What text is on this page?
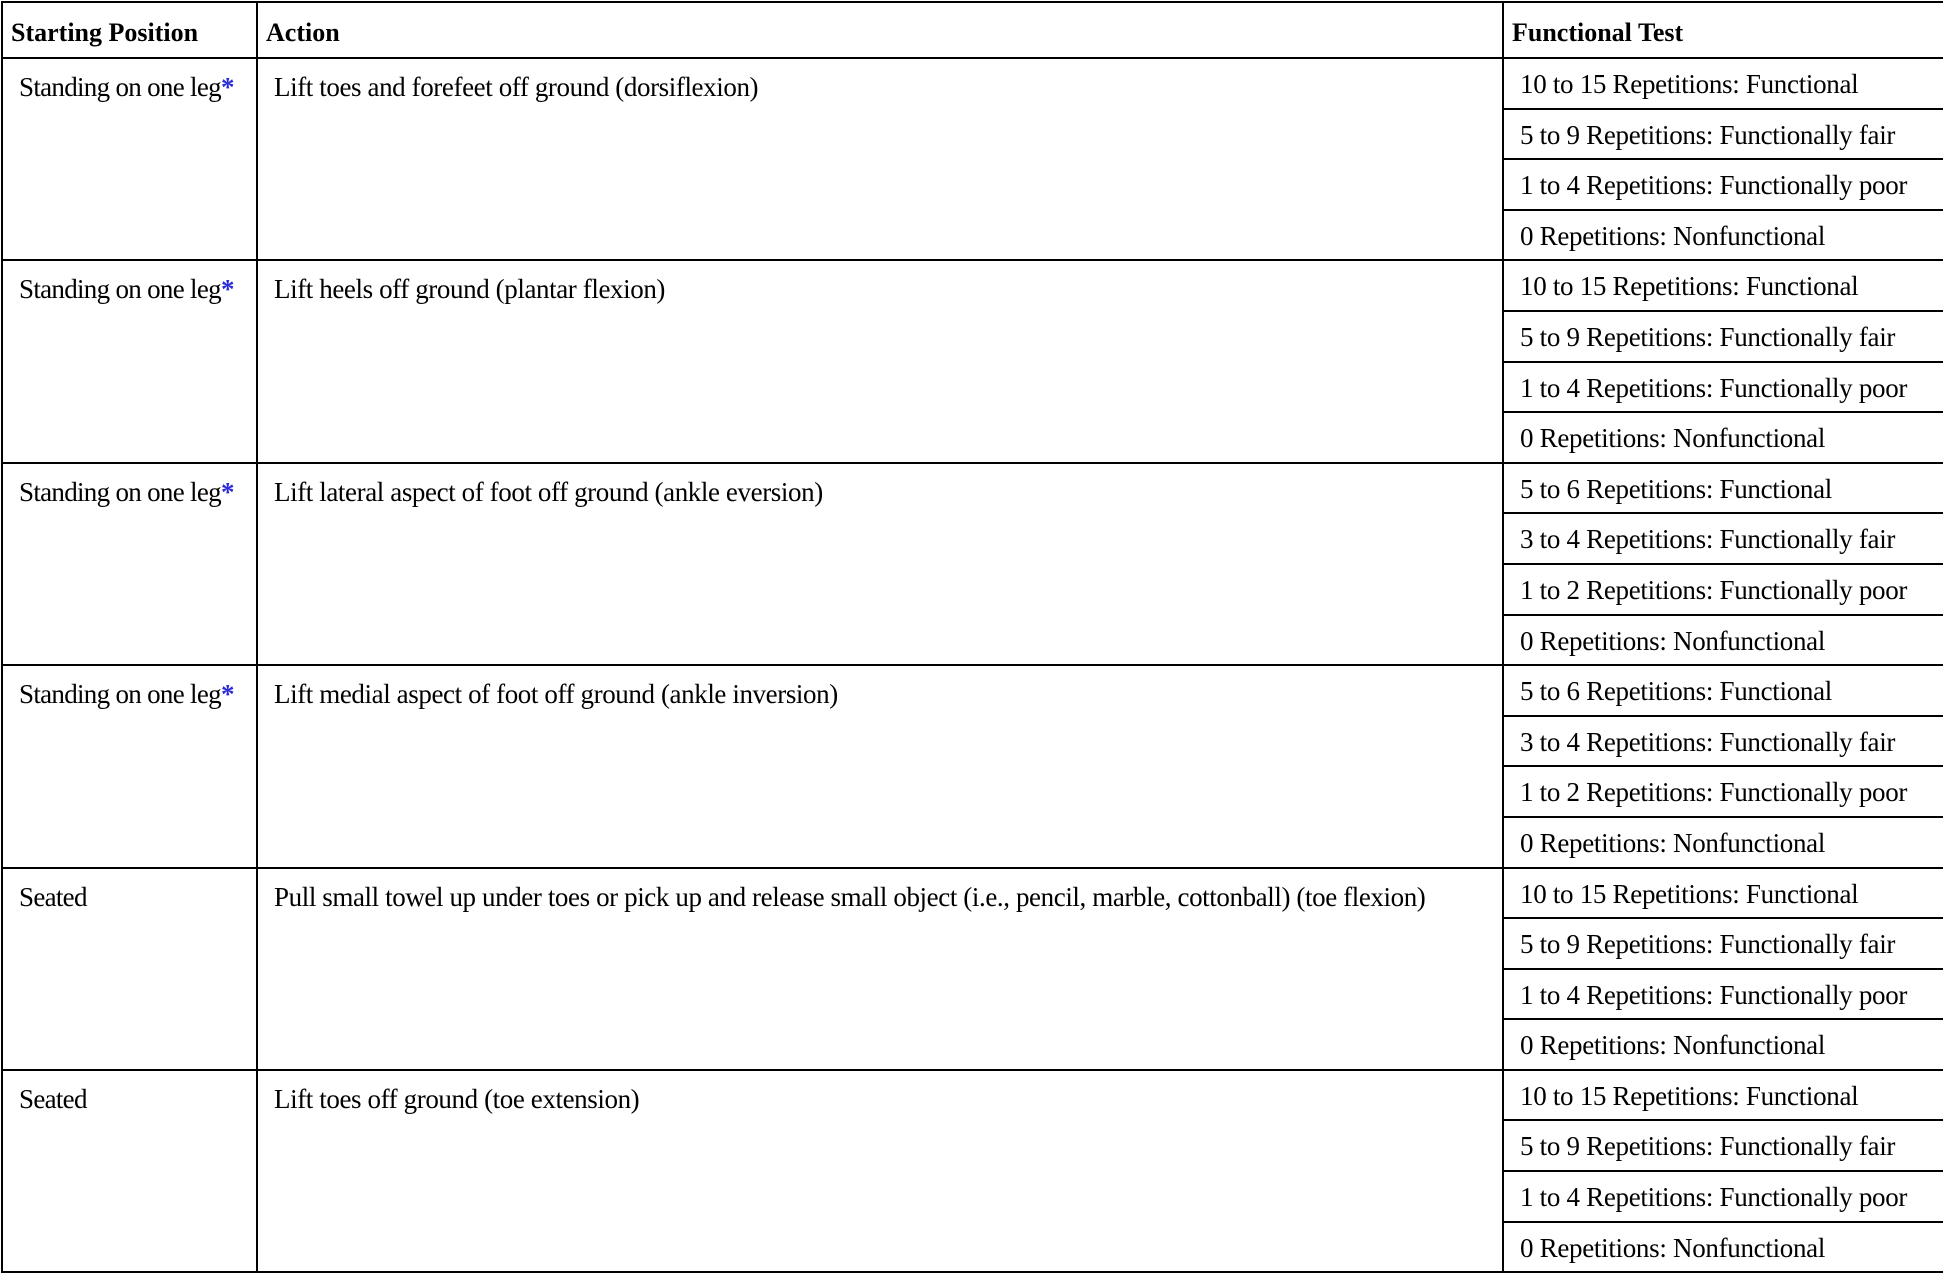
Starting Position	Action	Functional Test
Standing on one leg*	Lift toes and forefeet off ground (dorsiflexion)	10 to 15 Repetitions: Functional
		5 to 9 Repetitions: Functionally fair
		1 to 4 Repetitions: Functionally poor
		0 Repetitions: Nonfunctional
Standing on one leg*	Lift heels off ground (plantar flexion)	10 to 15 Repetitions: Functional
		5 to 9 Repetitions: Functionally fair
		1 to 4 Repetitions: Functionally poor
		0 Repetitions: Nonfunctional
Standing on one leg*	Lift lateral aspect of foot off ground (ankle eversion)	5 to 6 Repetitions: Functional
		3 to 4 Repetitions: Functionally fair
		1 to 2 Repetitions: Functionally poor
		0 Repetitions: Nonfunctional
Standing on one leg*	Lift medial aspect of foot off ground (ankle inversion)	5 to 6 Repetitions: Functional
		3 to 4 Repetitions: Functionally fair
		1 to 2 Repetitions: Functionally poor
		0 Repetitions: Nonfunctional
Seated	Pull small towel up under toes or pick up and release small object (i.e., pencil, marble, cottonball) (toe flexion)	10 to 15 Repetitions: Functional
		5 to 9 Repetitions: Functionally fair
		1 to 4 Repetitions: Functionally poor
		0 Repetitions: Nonfunctional
Seated	Lift toes off ground (toe extension)	10 to 15 Repetitions: Functional
		5 to 9 Repetitions: Functionally fair
		1 to 4 Repetitions: Functionally poor
		0 Repetitions: Nonfunctional
